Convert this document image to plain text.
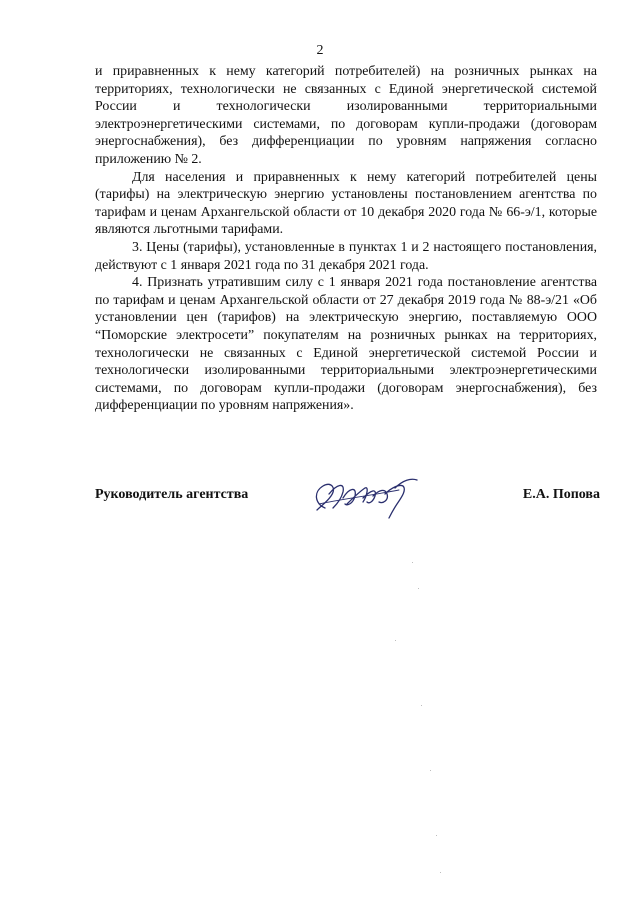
2

и приравненных к нему категорий потребителей) на розничных рынках на территориях, технологически не связанных с Единой энергетической системой России и технологически изолированными территориальными электроэнергетическими системами, по договорам купли-продажи (договорам энергоснабжения), без дифференциации по уровням напряжения согласно приложению № 2.

Для населения и приравненных к нему категорий потребителей цены (тарифы) на электрическую энергию установлены постановлением агентства по тарифам и ценам Архангельской области от 10 декабря 2020 года № 66-э/1, которые являются льготными тарифами.

3. Цены (тарифы), установленные в пунктах 1 и 2 настоящего постановления, действуют с 1 января 2021 года по 31 декабря 2021 года.

4. Признать утратившим силу с 1 января 2021 года постановление агентства по тарифам и ценам Архангельской области от 27 декабря 2019 года № 88-э/21 «Об установлении цен (тарифов) на электрическую энергию, поставляемую ООО “Поморские электросети” покупателям на розничных рынках на территориях, технологически не связанных с Единой энергетической системой России и технологически изолированными территориальными электроэнергетическими системами, по договорам купли-продажи (договорам энергоснабжения), без дифференциации по уровням напряжения».

Руководитель агентства	Е.А. Попова
